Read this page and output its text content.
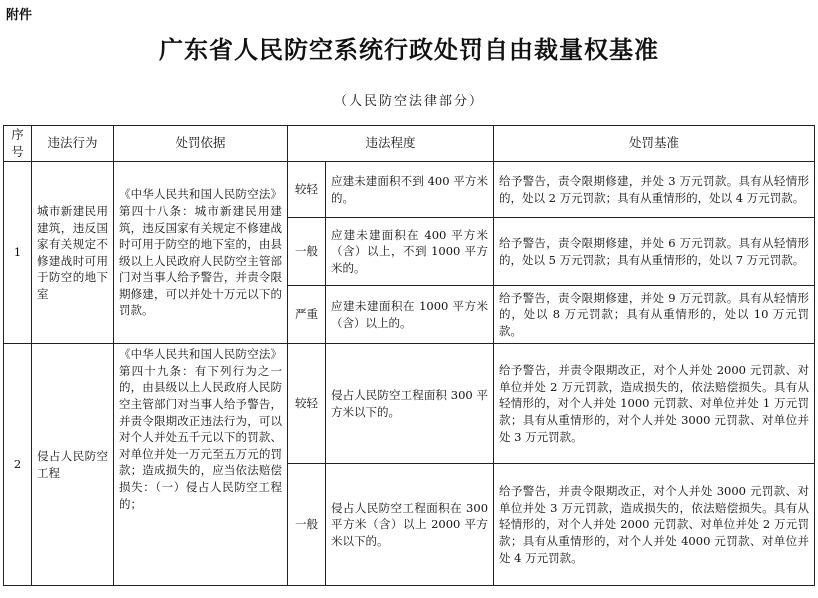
附件
广东省人民防空系统行政处罚自由裁量权基准
（人民防空法律部分）
序号	违法行为	处罚依据	违法程度		处罚基准
1	城市新建民用建筑，违反国家有关规定不修建战时可用于防空的地下室	《中华人民共和国人民防空法》第四十八条：城市新建民用建筑，违反国家有关规定不修建战时可用于防空的地下室的，由县级以上人民政府人民防空主管部门对当事人给予警告，并责令限期修建，可以并处十万元以下的罚款。	较轻	应建未建面积不到 400 平方米的。	给予警告，责令限期修建，并处 3 万元罚款。具有从轻情形的，处以 2 万元罚款；具有从重情形的，处以 4 万元罚款。
			一般	应建未建面积在 400 平方米（含）以上，不到 1000 平方米的。	给予警告，责令限期修建，并处 6 万元罚款。具有从轻情形的，处以 5 万元罚款；具有从重情形的，处以 7 万元罚款。
			严重	应建未建面积在 1000 平方米（含）以上的。	给予警告，责令限期修建，并处 9 万元罚款。具有从轻情形的，处以 8 万元罚款；具有从重情形的，处以 10 万元罚款。
2	侵占人民防空工程	《中华人民共和国人民防空法》第四十九条：有下列行为之一的，由县级以上人民政府人民防空主管部门对当事人给予警告，并责令限期改正违法行为，可以对个人并处五千元以下的罚款、对单位并处一万元至五万元的罚款；造成损失的，应当依法赔偿损失：（一）侵占人民防空工程的；	较轻	侵占人民防空工程面积 300 平方米以下的。	给予警告，并责令限期改正，对个人并处 2000 元罚款、对单位并处 2 万元罚款，造成损失的，依法赔偿损失。具有从轻情形的，对个人并处 1000 元罚款、对单位并处 1 万元罚款；具有从重情形的，对个人并处 3000 元罚款、对单位并处 3 万元罚款。
			一般	侵占人民防空工程面积在 300 平方米（含）以上 2000 平方米以下的。	给予警告，并责令限期改正，对个人并处 3000 元罚款、对单位并处 3 万元罚款，造成损失的，依法赔偿损失。具有从轻情形的，对个人并处 2000 元罚款、对单位并处 2 万元罚款；具有从重情形的，对个人并处 4000 元罚款、对单位并处 4 万元罚款。
